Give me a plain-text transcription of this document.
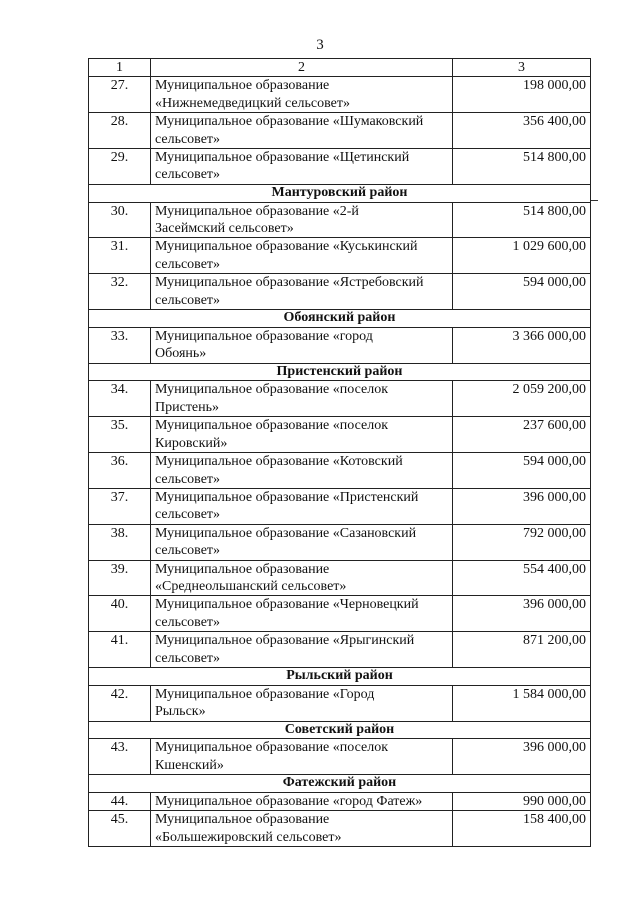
3
1	2	3
27.	Муниципальное образование
«Нижнемедведицкий сельсовет»	198 000,00
28.	Муниципальное образование «Шумаковский
сельсовет»	356 400,00
29.	Муниципальное образование «Щетинский
сельсовет»	514 800,00
Мантуровский район		
30.	Муниципальное образование «2-й
Засеймский сельсовет»	514 800,00
31.	Муниципальное образование «Куськинский
сельсовет»	1 029 600,00
32.	Муниципальное образование «Ястребовский
сельсовет»	594 000,00
Обоянский район		
33.	Муниципальное образование «город
Обоянь»	3 366 000,00
Пристенский район		
34.	Муниципальное образование «поселок
Пристень»	2 059 200,00
35.	Муниципальное образование «поселок
Кировский»	237 600,00
36.	Муниципальное образование «Котовский
сельсовет»	594 000,00
37.	Муниципальное образование «Пристенский
сельсовет»	396 000,00
38.	Муниципальное образование «Сазановский
сельсовет»	792 000,00
39.	Муниципальное образование
«Среднеольшанский сельсовет»	554 400,00
40.	Муниципальное образование «Черновецкий
сельсовет»	396 000,00
41.	Муниципальное образование «Ярыгинский
сельсовет»	871 200,00
Рыльский район		
42.	Муниципальное образование «Город
Рыльск»	1 584 000,00
Советский район		
43.	Муниципальное образование «поселок
Кшенский»	396 000,00
Фатежский район		
44.	Муниципальное образование «город Фатеж»	990 000,00
45.	Муниципальное образование
«Большежировский сельсовет»	158 400,00
